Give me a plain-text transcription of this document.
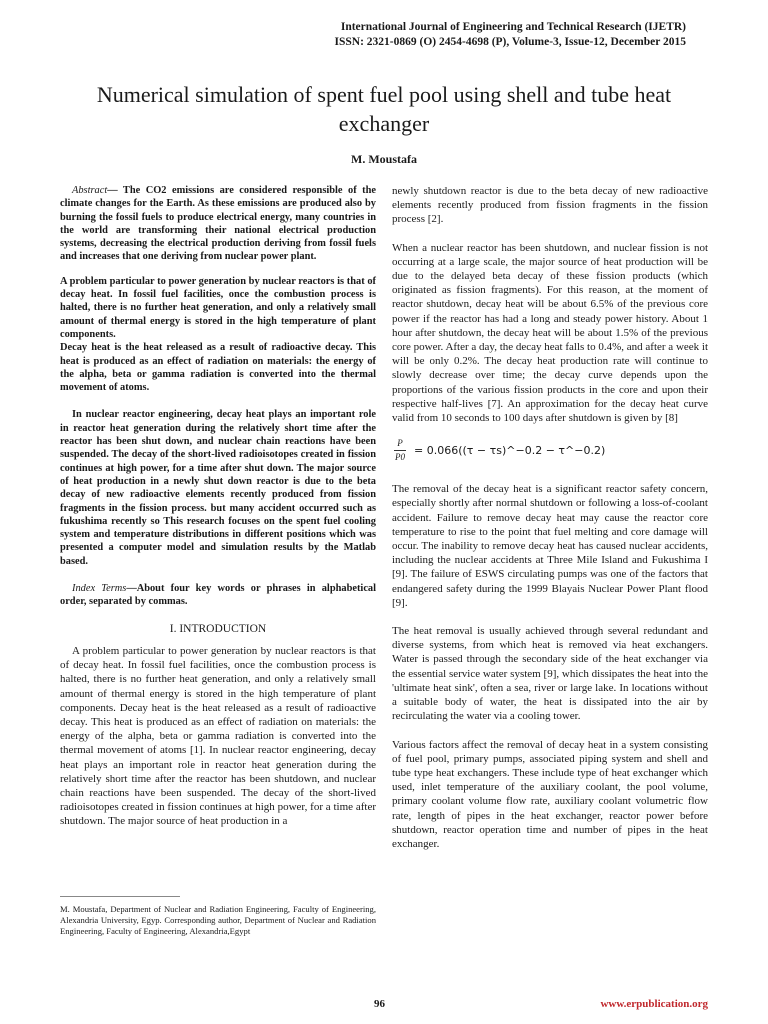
International Journal of Engineering and Technical Research (IJETR)
ISSN: 2321-0869 (O) 2454-4698 (P), Volume-3, Issue-12, December 2015
Numerical simulation of spent fuel pool using shell and tube heat exchanger
M. Moustafa

Abstract— The CO2 emissions are considered responsible of the climate changes for the Earth. As these emissions are produced also by burning the fossil fuels to produce electrical energy, many countries in the world are transforming their national electrical production systems, decreasing the electrical production deriving from fossil fuels and increases that one deriving from nuclear power plant.

A problem particular to power generation by nuclear reactors is that of decay heat. In fossil fuel facilities, once the combustion process is halted, there is no further heat generation, and only a relatively small amount of thermal energy is stored in the high temperature of plant components.

Decay heat is the heat released as a result of radioactive decay. This heat is produced as an effect of radiation on materials: the energy of the alpha, beta or gamma radiation is converted into the thermal movement of atoms.

In nuclear reactor engineering, decay heat plays an important role in reactor heat generation during the relatively short time after the reactor has been shut down, and nuclear chain reactions have been suspended. The decay of the short-lived radioisotopes created in fission continues at high power, for a time after shut down. The major source of heat production in a newly shut down reactor is due to the beta decay of new radioactive elements recently produced from fission fragments in the fission process. but many accident occurred such as fukushima recently so This research focuses on the spent fuel cooling system and temperature distributions in different positions which was presented a computer model and simulation results by the Matlab based.

Index Terms—About four key words or phrases in alphabetical order, separated by commas.

I. INTRODUCTION

A problem particular to power generation by nuclear reactors is that of decay heat. In fossil fuel facilities, once the combustion process is halted, there is no further heat generation, and only a relatively small amount of thermal energy is stored in the high temperature of plant components. Decay heat is the heat released as a result of radioactive decay. This heat is produced as an effect of radiation on materials: the energy of the alpha, beta or gamma radiation is converted into the thermal movement of atoms [1]. In nuclear reactor engineering, decay heat plays an important role in reactor heat generation during the relatively short time after the reactor has been shutdown, and nuclear chain reactions have been suspended. The decay of the short-lived radioisotopes created in fission continues at high power, for a time after shutdown. The major source of heat production in a

M. Moustafa, Department of Nuclear and Radiation Engineering, Faculty of Engineering, Alexandria University, Egyp. Corresponding author, Department of Nuclear and Radiation Engineering, Faculty of Engineering, Alexandria,Egypt

newly shutdown reactor is due to the beta decay of new radioactive elements recently produced from fission fragments in the fission process [2].

When a nuclear reactor has been shutdown, and nuclear fission is not occurring at a large scale, the major source of heat production will be due to the delayed beta decay of these fission products (which originated as fission fragments). For this reason, at the moment of reactor shutdown, decay heat will be about 6.5% of the previous core power if the reactor has had a long and steady power history. About 1 hour after shutdown, the decay heat will be about 1.5% of the previous core power. After a day, the decay heat falls to 0.4%, and after a week it will be only 0.2%. The decay heat production rate will continue to slowly decrease over time; the decay curve depends upon the proportions of the various fission products in the core and upon their respective half-lives [7]. An approximation for the decay heat curve valid from 10 seconds to 100 days after shutdown is given by [8]

P
P0 = 0.066((τ − τs)^−0.2 − τ^−0.2)

The removal of the decay heat is a significant reactor safety concern, especially shortly after normal shutdown or following a loss-of-coolant accident. Failure to remove decay heat may cause the reactor core temperature to rise to the point that fuel melting and core damage will occur. The inability to remove decay heat has caused nuclear accidents, including the nuclear accidents at Three Mile Island and Fukushima I [9]. The failure of ESWS circulating pumps was one of the factors that endangered safety during the 1999 Blayais Nuclear Power Plant flood [9].

The heat removal is usually achieved through several redundant and diverse systems, from which heat is removed via heat exchangers. Water is passed through the secondary side of the heat exchanger via the essential service water system [9], which dissipates the heat into the 'ultimate heat sink', often a sea, river or large lake. In locations without a suitable body of water, the heat is dissipated into the air by recirculating the water via a cooling tower.

Various factors affect the removal of decay heat in a system consisting of fuel pool, primary pumps, associated piping system and shell and tube type heat exchangers. These include type of heat exchanger which used, inlet temperature of the auxiliary coolant, the pool volume, primary coolant volume flow rate, auxiliary coolant volumetric flow rate, length of pipes in the heat exchanger, reactor power before shutdown, reactor operation time and number of pipes in the heat exchanger.

96	www.erpublication.org
